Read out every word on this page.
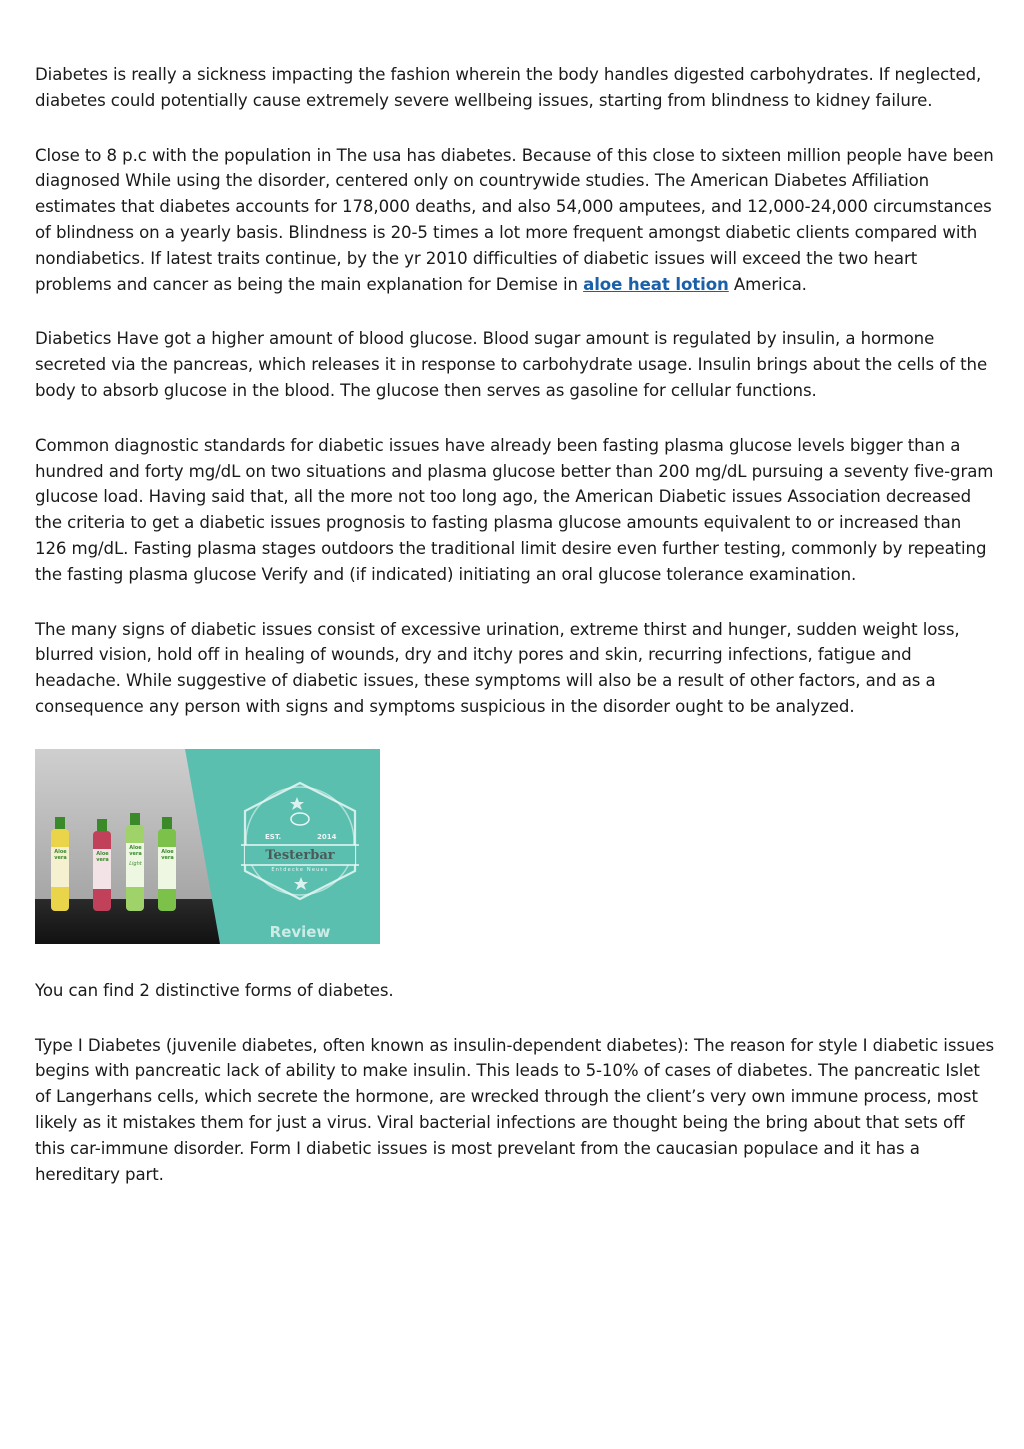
Diabetes is really a sickness impacting the fashion wherein the body handles digested carbohydrates. If neglected, diabetes could potentially cause extremely severe wellbeing issues, starting from blindness to kidney failure.

Close to 8 p.c with the population in The usa has diabetes. Because of this close to sixteen million people have been diagnosed While using the disorder, centered only on countrywide studies. The American Diabetes Affiliation estimates that diabetes accounts for 178,000 deaths, and also 54,000 amputees, and 12,000-24,000 circumstances of blindness on a yearly basis. Blindness is 20-5 times a lot more frequent amongst diabetic clients compared with nondiabetics. If latest traits continue, by the yr 2010 difficulties of diabetic issues will exceed the two heart problems and cancer as being the main explanation for Demise in aloe heat lotion America.

Diabetics Have got a higher amount of blood glucose. Blood sugar amount is regulated by insulin, a hormone secreted via the pancreas, which releases it in response to carbohydrate usage. Insulin brings about the cells of the body to absorb glucose in the blood. The glucose then serves as gasoline for cellular functions.

Common diagnostic standards for diabetic issues have already been fasting plasma glucose levels bigger than a hundred and forty mg/dL on two situations and plasma glucose better than 200 mg/dL pursuing a seventy five-gram glucose load. Having said that, all the more not too long ago, the American Diabetic issues Association decreased the criteria to get a diabetic issues prognosis to fasting plasma glucose amounts equivalent to or increased than 126 mg/dL. Fasting plasma stages outdoors the traditional limit desire even further testing, commonly by repeating the fasting plasma glucose Verify and (if indicated) initiating an oral glucose tolerance examination.

The many signs of diabetic issues consist of excessive urination, extreme thirst and hunger, sudden weight loss, blurred vision, hold off in healing of wounds, dry and itchy pores and skin, recurring infections, fatigue and headache. While suggestive of diabetic issues, these symptoms will also be a result of other factors, and as a consequence any person with signs and symptoms suspicious in the disorder ought to be analyzed.

EST.	2014
Testerbar
Entdecke Neues
Review
Aloe vera
Aloe vera
Aloe vera
Light
Aloe vera

You can find 2 distinctive forms of diabetes.

Type I Diabetes (juvenile diabetes, often known as insulin-dependent diabetes): The reason for style I diabetic issues begins with pancreatic lack of ability to make insulin. This leads to 5-10% of cases of diabetes. The pancreatic Islet of Langerhans cells, which secrete the hormone, are wrecked through the client’s very own immune process, most likely as it mistakes them for just a virus. Viral bacterial infections are thought being the bring about that sets off this car-immune disorder. Form I diabetic issues is most prevelant from the caucasian populace and it has a hereditary part.
